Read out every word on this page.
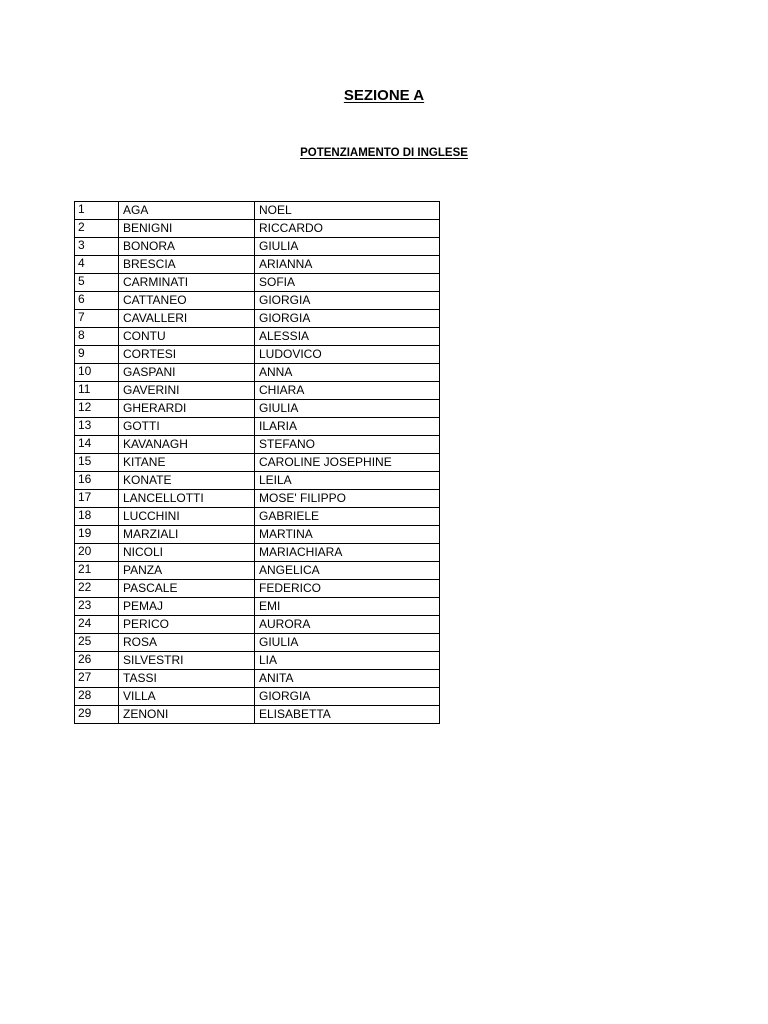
SEZIONE A
POTENZIAMENTO DI INGLESE
1	AGA	NOEL
2	BENIGNI	RICCARDO
3	BONORA	GIULIA
4	BRESCIA	ARIANNA
5	CARMINATI	SOFIA
6	CATTANEO	GIORGIA
7	CAVALLERI	GIORGIA
8	CONTU	ALESSIA
9	CORTESI	LUDOVICO
10	GASPANI	ANNA
11	GAVERINI	CHIARA
12	GHERARDI	GIULIA
13	GOTTI	ILARIA
14	KAVANAGH	STEFANO
15	KITANE	CAROLINE JOSEPHINE
16	KONATE	LEILA
17	LANCELLOTTI	MOSE' FILIPPO
18	LUCCHINI	GABRIELE
19	MARZIALI	MARTINA
20	NICOLI	MARIACHIARA
21	PANZA	ANGELICA
22	PASCALE	FEDERICO
23	PEMAJ	EMI
24	PERICO	AURORA
25	ROSA	GIULIA
26	SILVESTRI	LIA
27	TASSI	ANITA
28	VILLA	GIORGIA
29	ZENONI	ELISABETTA
